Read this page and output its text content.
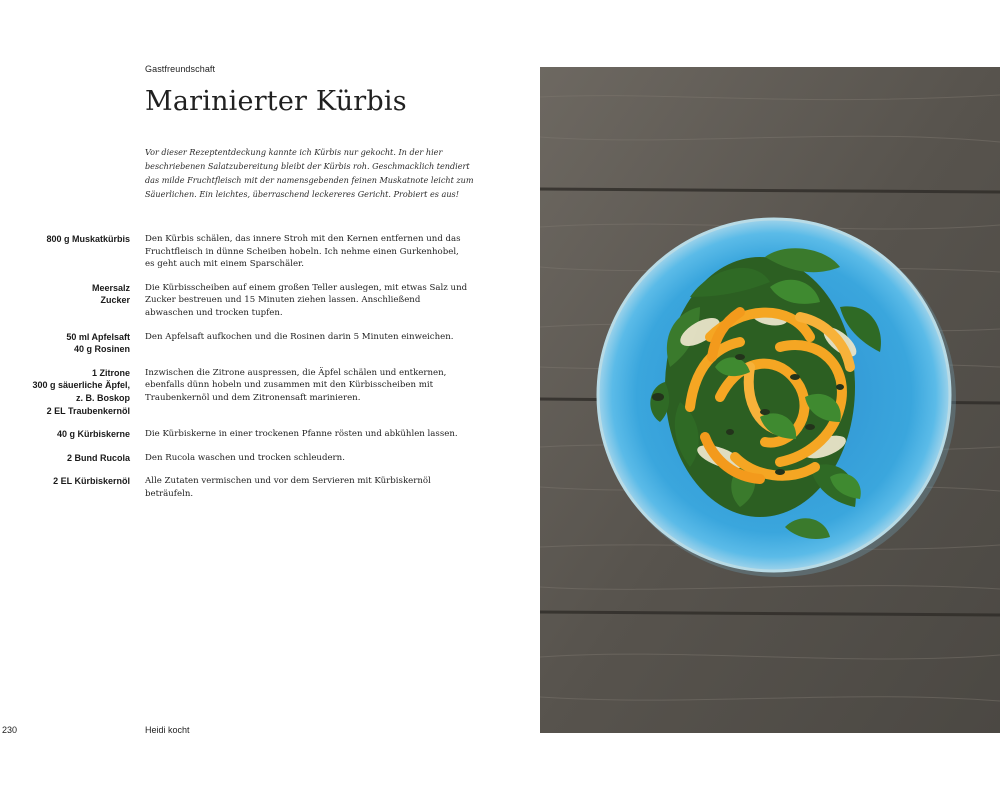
Gastfreundschaft
Marinierter Kürbis

Vor dieser Rezeptentdeckung kannte ich Kürbis nur gekocht. In der hier beschriebenen Salatzubereitung bleibt der Kürbis roh. Geschmacklich tendiert das milde Fruchtfleisch mit der namensgebenden feinen Muskatnote leicht zum Säuerlichen. Ein leichtes, überraschend leckereres Gericht. Probiert es aus!

800 g Muskatkürbis Den Kürbis schälen, das innere Stroh mit den Kernen entfernen und das Fruchtfleisch in dünne Scheiben hobeln. Ich nehme einen Gurkenhobel, es geht auch mit einem Sparschäler.
Meersalz
Zucker
Die Kürbisscheiben auf einem großen Teller auslegen, mit etwas Salz und Zucker bestreuen und 15 Minuten ziehen lassen. Anschließend abwaschen und trocken tupfen.
50 ml Apfelsaft
40 g Rosinen
Den Apfelsaft aufkochen und die Rosinen darin 5 Minuten einweichen.
1 Zitrone
300 g säuerliche Äpfel,
z. B. Boskop
2 EL Traubenkernöl
Inzwischen die Zitrone auspressen, die Äpfel schälen und entkernen, ebenfalls dünn hobeln und zusammen mit den Kürbisscheiben mit Traubenkernöl und dem Zitronensaft marinieren.
40 g Kürbiskerne Die Kürbiskerne in einer trockenen Pfanne rösten und abkühlen lassen.
2 Bund Rucola Den Rucola waschen und trocken schleudern.
2 EL Kürbiskernöl Alle Zutaten vermischen und vor dem Servieren mit Kürbiskernöl beträufeln.
230	Heidi kocht
